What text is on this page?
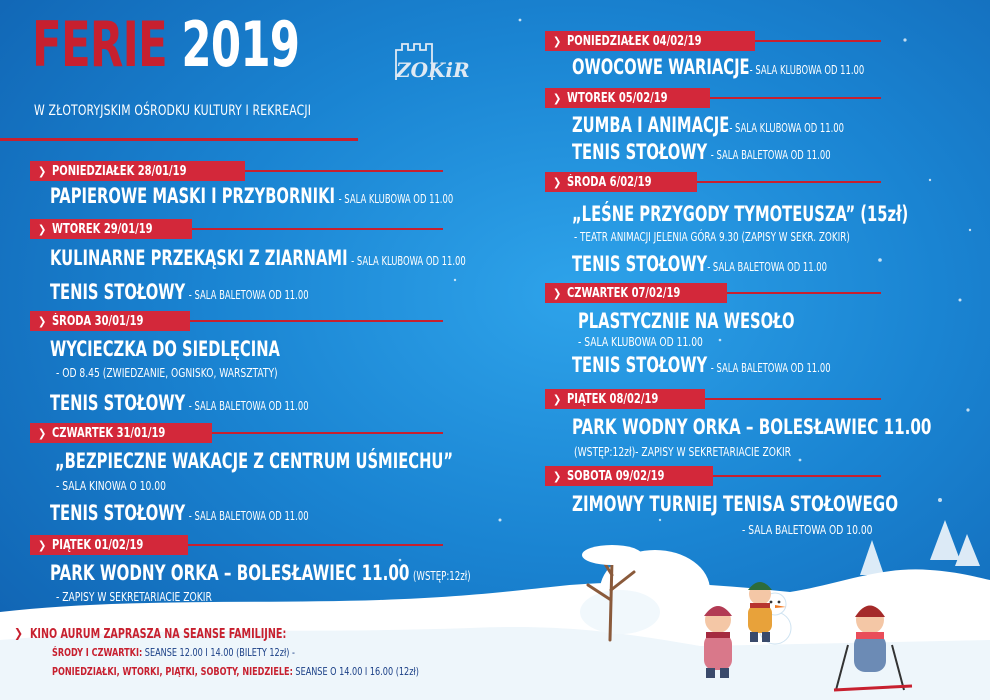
FERIE 2019	ZOKiR
W ZŁOTORYJSKIM OŚRODKU KULTURY I REKREACJI
❯ PONIEDZIAŁEK 28/01/19
PAPIEROWE MASKI I PRZYBORNIKI - SALA KLUBOWA OD 11.00
❯ WTOREK 29/01/19
KULINARNE PRZEKĄSKI Z ZIARNAMI - SALA KLUBOWA OD 11.00
TENIS STOŁOWY - SALA BALETOWA OD 11.00
❯ ŚRODA 30/01/19
WYCIECZKA DO SIEDLĘCINA
- OD 8.45 (ZWIEDZANIE, OGNISKO, WARSZTATY)
TENIS STOŁOWY - SALA BALETOWA OD 11.00
❯ CZWARTEK 31/01/19
„BEZPIECZNE WAKACJE Z CENTRUM UŚMIECHU”
- SALA KINOWA O 10.00
TENIS STOŁOWY - SALA BALETOWA OD 11.00
❯ PIĄTEK 01/02/19
PARK WODNY ORKA – BOLESŁAWIEC 11.00 (WSTĘP:12zł)
- ZAPISY W SEKRETARIACIE ZOKIR
❯ PONIEDZIAŁEK 04/02/19
OWOCOWE WARIACJE- SALA KLUBOWA OD 11.00
❯ WTOREK 05/02/19
ZUMBA I ANIMACJE- SALA KLUBOWA OD 11.00
TENIS STOŁOWY - SALA BALETOWA OD 11.00
❯ ŚRODA 6/02/19
„LEŚNE PRZYGODY TYMOTEUSZA” (15zł)
- TEATR ANIMACJI JELENIA GÓRA 9.30 (ZAPISY W SEKR. ZOKIR)
TENIS STOŁOWY- SALA BALETOWA OD 11.00
❯ CZWARTEK 07/02/19
PLASTYCZNIE NA WESOŁO
- SALA KLUBOWA OD 11.00
TENIS STOŁOWY - SALA BALETOWA OD 11.00
❯ PIĄTEK 08/02/19
PARK WODNY ORKA – BOLESŁAWIEC 11.00
(WSTĘP:12zł)- ZAPISY W SEKRETARIACIE ZOKIR
❯ SOBOTA 09/02/19
ZIMOWY TURNIEJ TENISA STOŁOWEGO
- SALA BALETOWA OD 10.00
❯ KINO AURUM ZAPRASZA NA SEANSE FAMILIJNE:
ŚRODY I CZWARTKI: SEANSE 12.00 I 14.00 (BILETY 12zł) -
PONIEDZIAŁKI, WTORKI, PIĄTKI, SOBOTY, NIEDZIELE: SEANSE O 14.00 I 16.00 (12zł)
